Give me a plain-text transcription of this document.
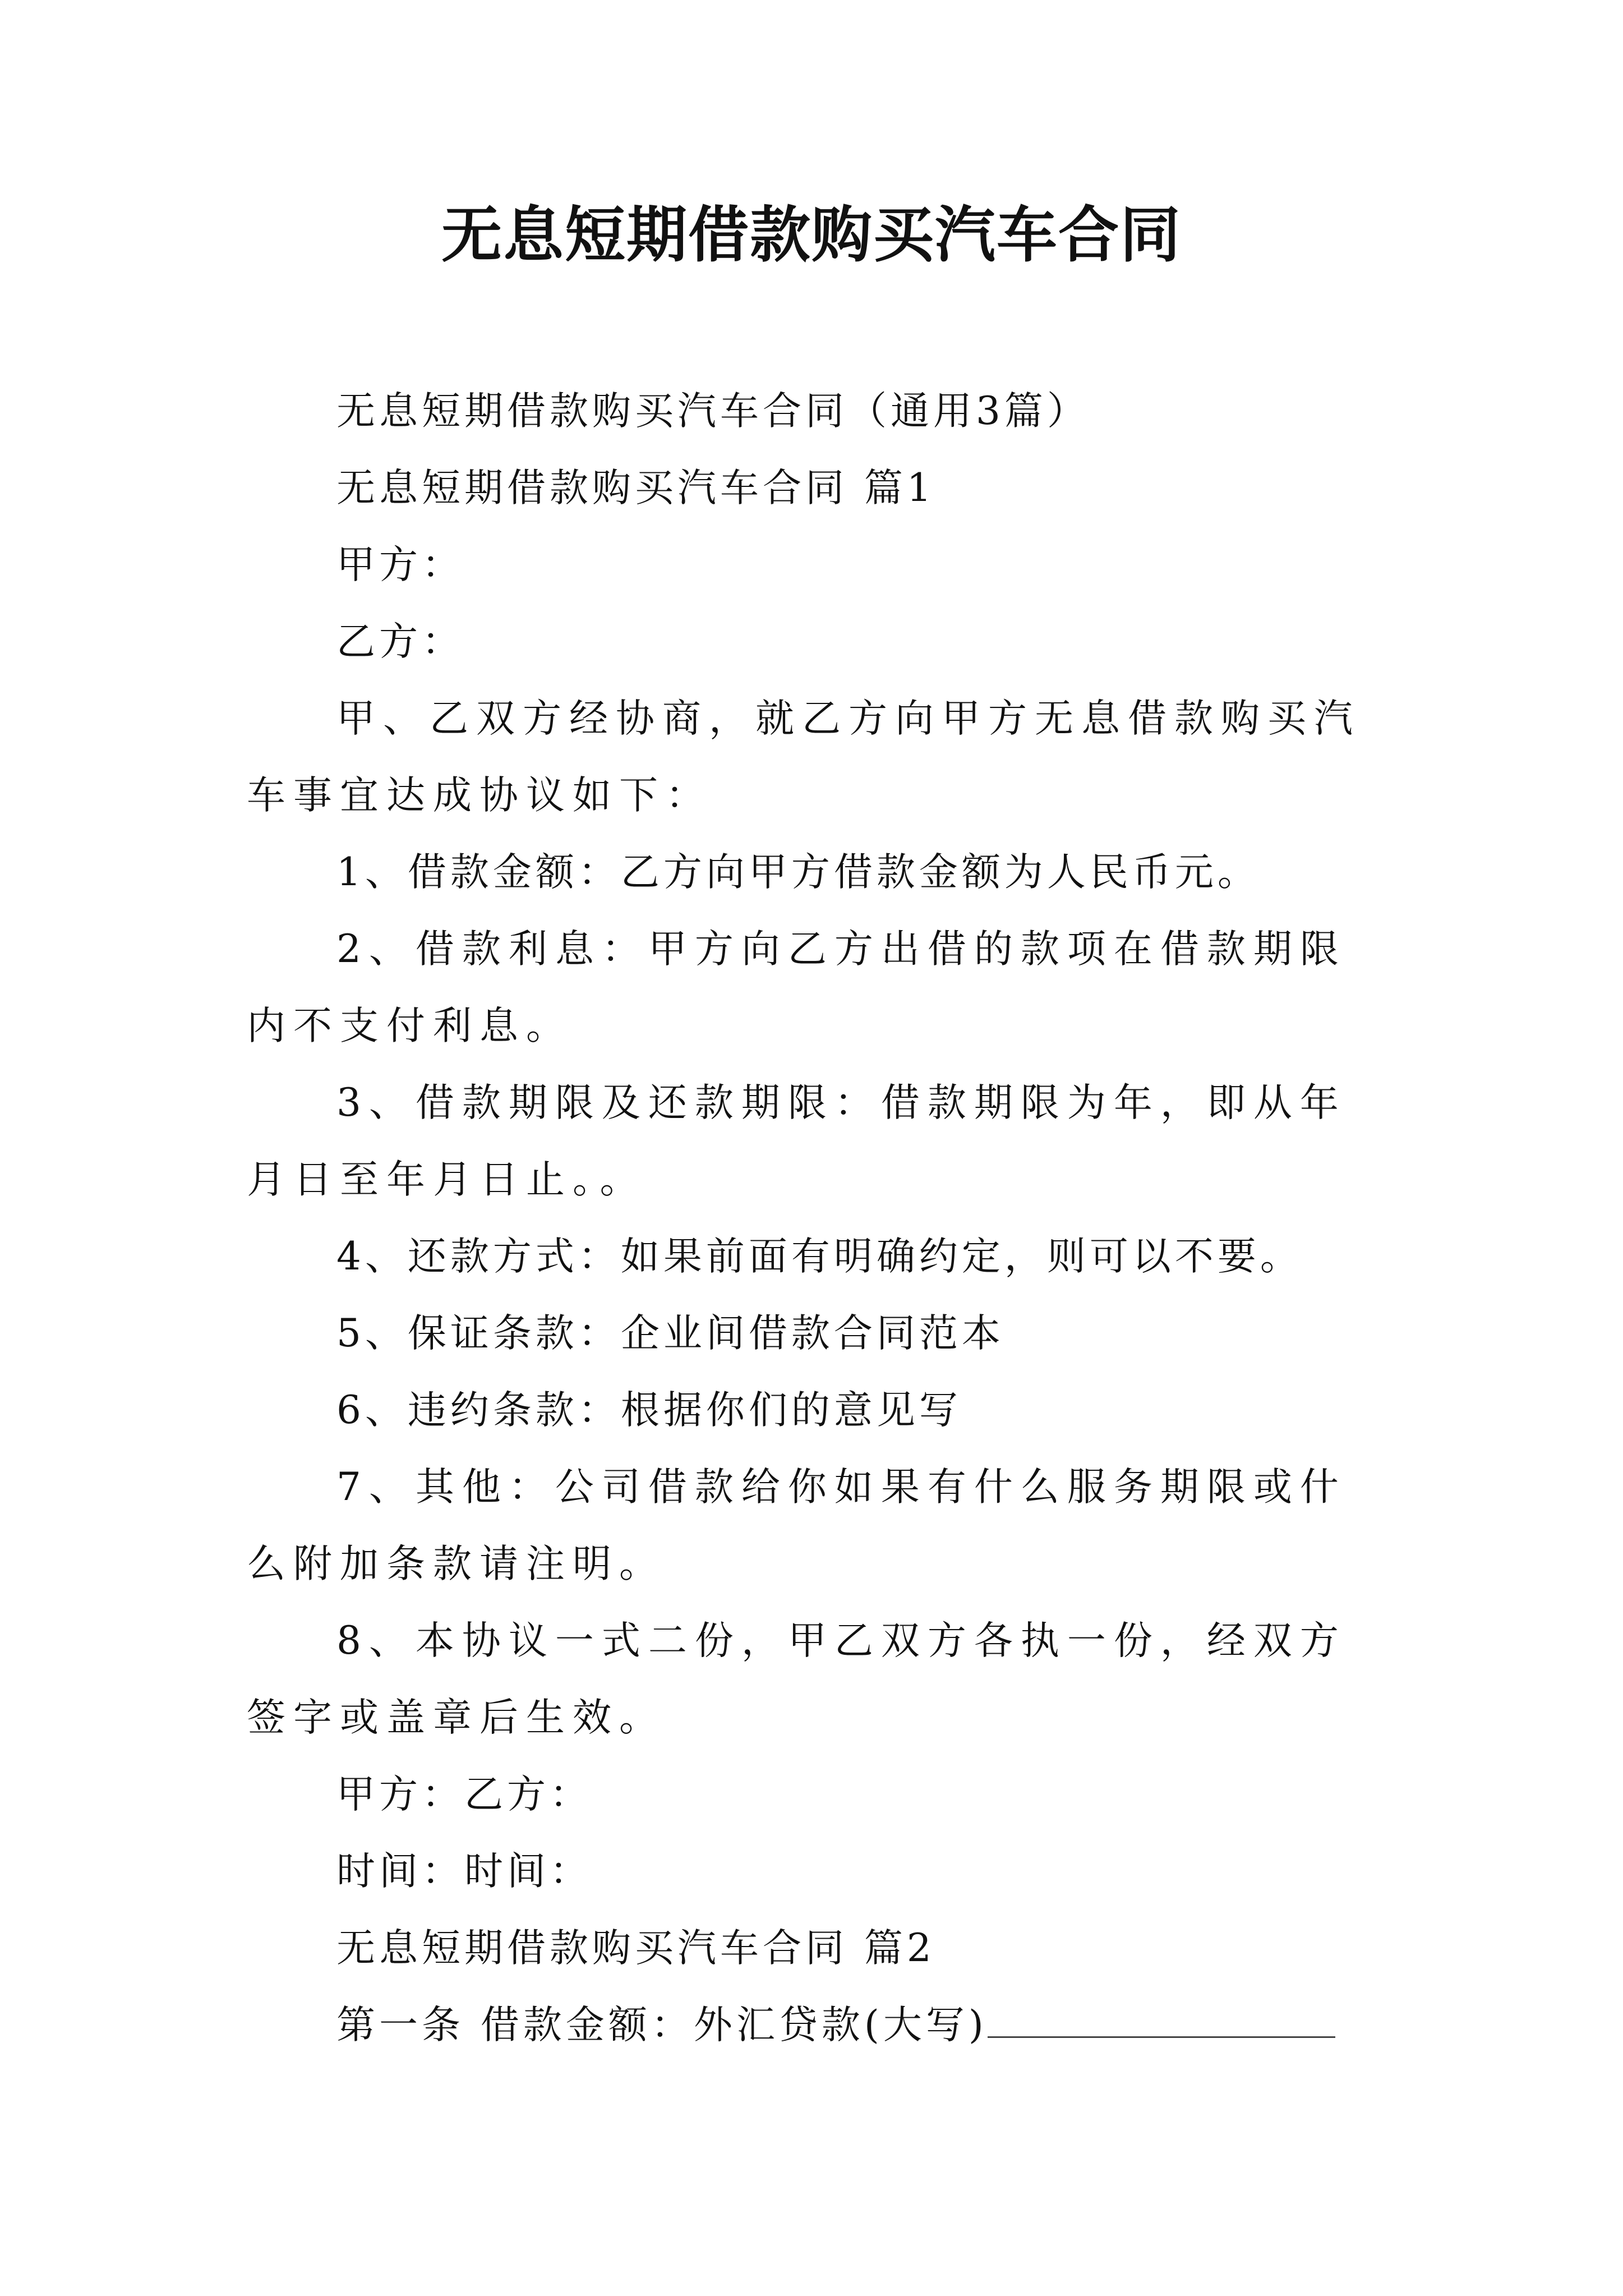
无息短期借款购买汽车合同

无息短期借款购买汽车合同（通用3篇）

无息短期借款购买汽车合同 篇1

甲方：

乙方：

甲、乙双方经协商，就乙方向甲方无息借款购买汽车事宜达成协议如下：

1、借款金额：乙方向甲方借款金额为人民币元。

2、借款利息：甲方向乙方出借的款项在借款期限内不支付利息。

3、借款期限及还款期限：借款期限为年，即从年月日至年月日止。。

4、还款方式：如果前面有明确约定，则可以不要。

5、保证条款：企业间借款合同范本

6、违约条款：根据你们的意见写

7、其他：公司借款给你如果有什么服务期限或什么附加条款请注明。

8、本协议一式二份，甲乙双方各执一份，经双方签字或盖章后生效。

甲方：乙方：

时间：时间：

无息短期借款购买汽车合同 篇2

第一条 借款金额：外汇贷款(大写)
